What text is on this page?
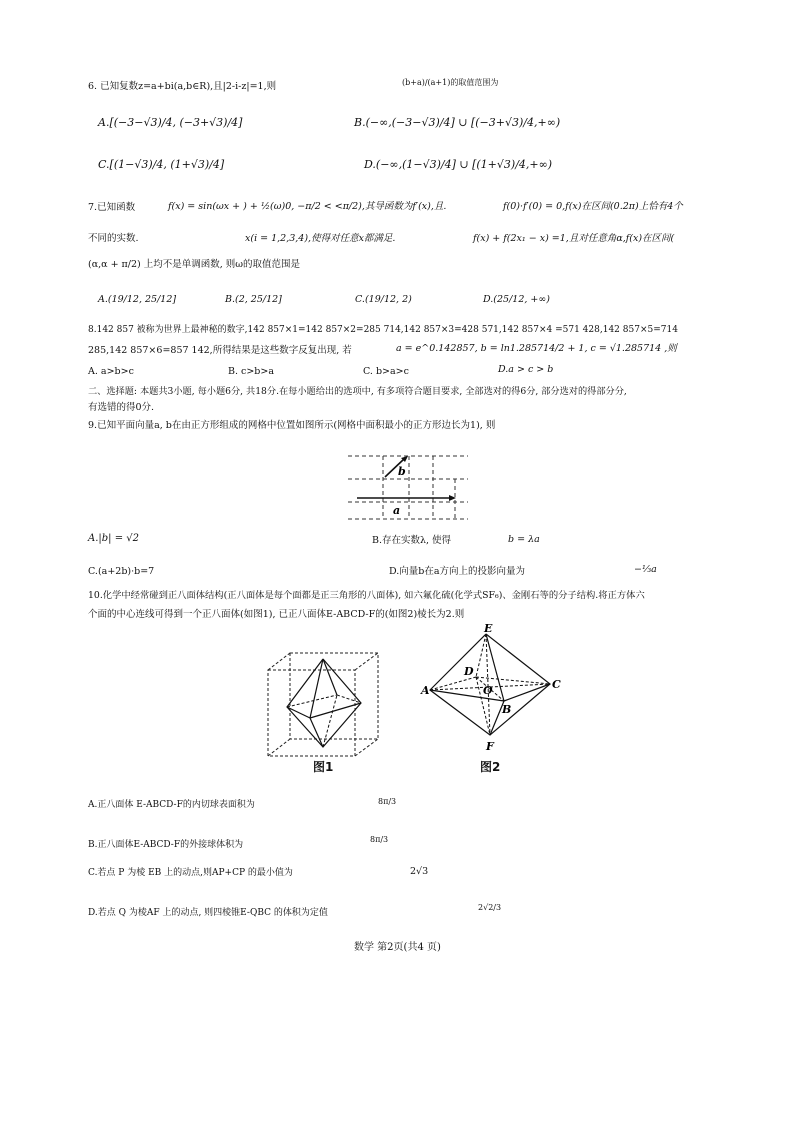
6. 已知复数z=a+bi(a,b∈R),且|2-i-z|=1,则	(b+a)/(a+1)的取值范围为
A.[(−3−√3)/4, (−3+√3)/4]	B.(−∞,(−3−√3)/4] ∪ [(−3+√3)/4,+∞)
C.[(1−√3)/4, (1+√3)/4]	D.(−∞,(1−√3)/4] ∪ [(1+√3)/4,+∞)
7.已知函数	f(x) = sin(ωx + ) + ½(ω)0, −π/2 < <π/2),其导函数为f′(x),且.	f(0)·f′(0) = 0,f(x)在区间(0.2π)上恰有4个
不同的实数.	x(i = 1,2,3,4),使得对任意x都满足.	f(x) + f(2x₁ − x) =1,且对任意角α,f(x)在区间(
(α,α + π/2) 上均不是单调函数, 则ω的取值范围是
A.(19/12, 25/12]	B.(2, 25/12]	C.(19/12, 2)	D.(25/12, +∞)
8.142 857 被称为世界上最神秘的数字,142 857×1=142 857×2=285 714,142 857×3=428 571,142 857×4 =571 428,142 857×5=714
285,142 857×6=857 142,所得结果是这些数字反复出现, 若	a = e^0.142857, b = ln1.285714/2 + 1, c = √1.285714 ,则
A. a>b>c	B. c>b>a	C. b>a>c	D.a > c > b
二、选择题: 本题共3小题, 每小题6分, 共18分.在每小题给出的选项中, 有多项符合题目要求, 全部选对的得6分, 部分选对的得部分分,
有选错的得0分.
9.已知平面向量a, b在由正方形组成的网格中位置如图所示(网格中面积最小的正方形边长为1), 则
b
a
A.|b| = √2	B.存在实数λ, 使得	b = λa
C.(a+2b)·b=7	D.向量b在a方向上的投影向量为	−⅓a
10.化学中经常碰到正八面体结构(正八面体是每个面都是正三角形的八面体), 如六氟化硫(化学式SF₆)、金刚石等的分子结构.将正方体六
个面的中心连线可得到一个正八面体(如图1), 已正八面体E-ABCD-F的(如图2)棱长为2.则
E
A
D
O	C
B
F
图1	图2
A.正八面体 E-ABCD-F的内切球表面积为	8π/3
B.正八面体E-ABCD-F的外接球体积为
8π/3
C.若点 P 为棱 EB 上的动点,则AP+CP 的最小值为	2√3
D.若点 Q 为棱AF 上的动点, 则四棱锥E-QBC 的体积为定值
2√2/3
数学 第2页(共4 页)
